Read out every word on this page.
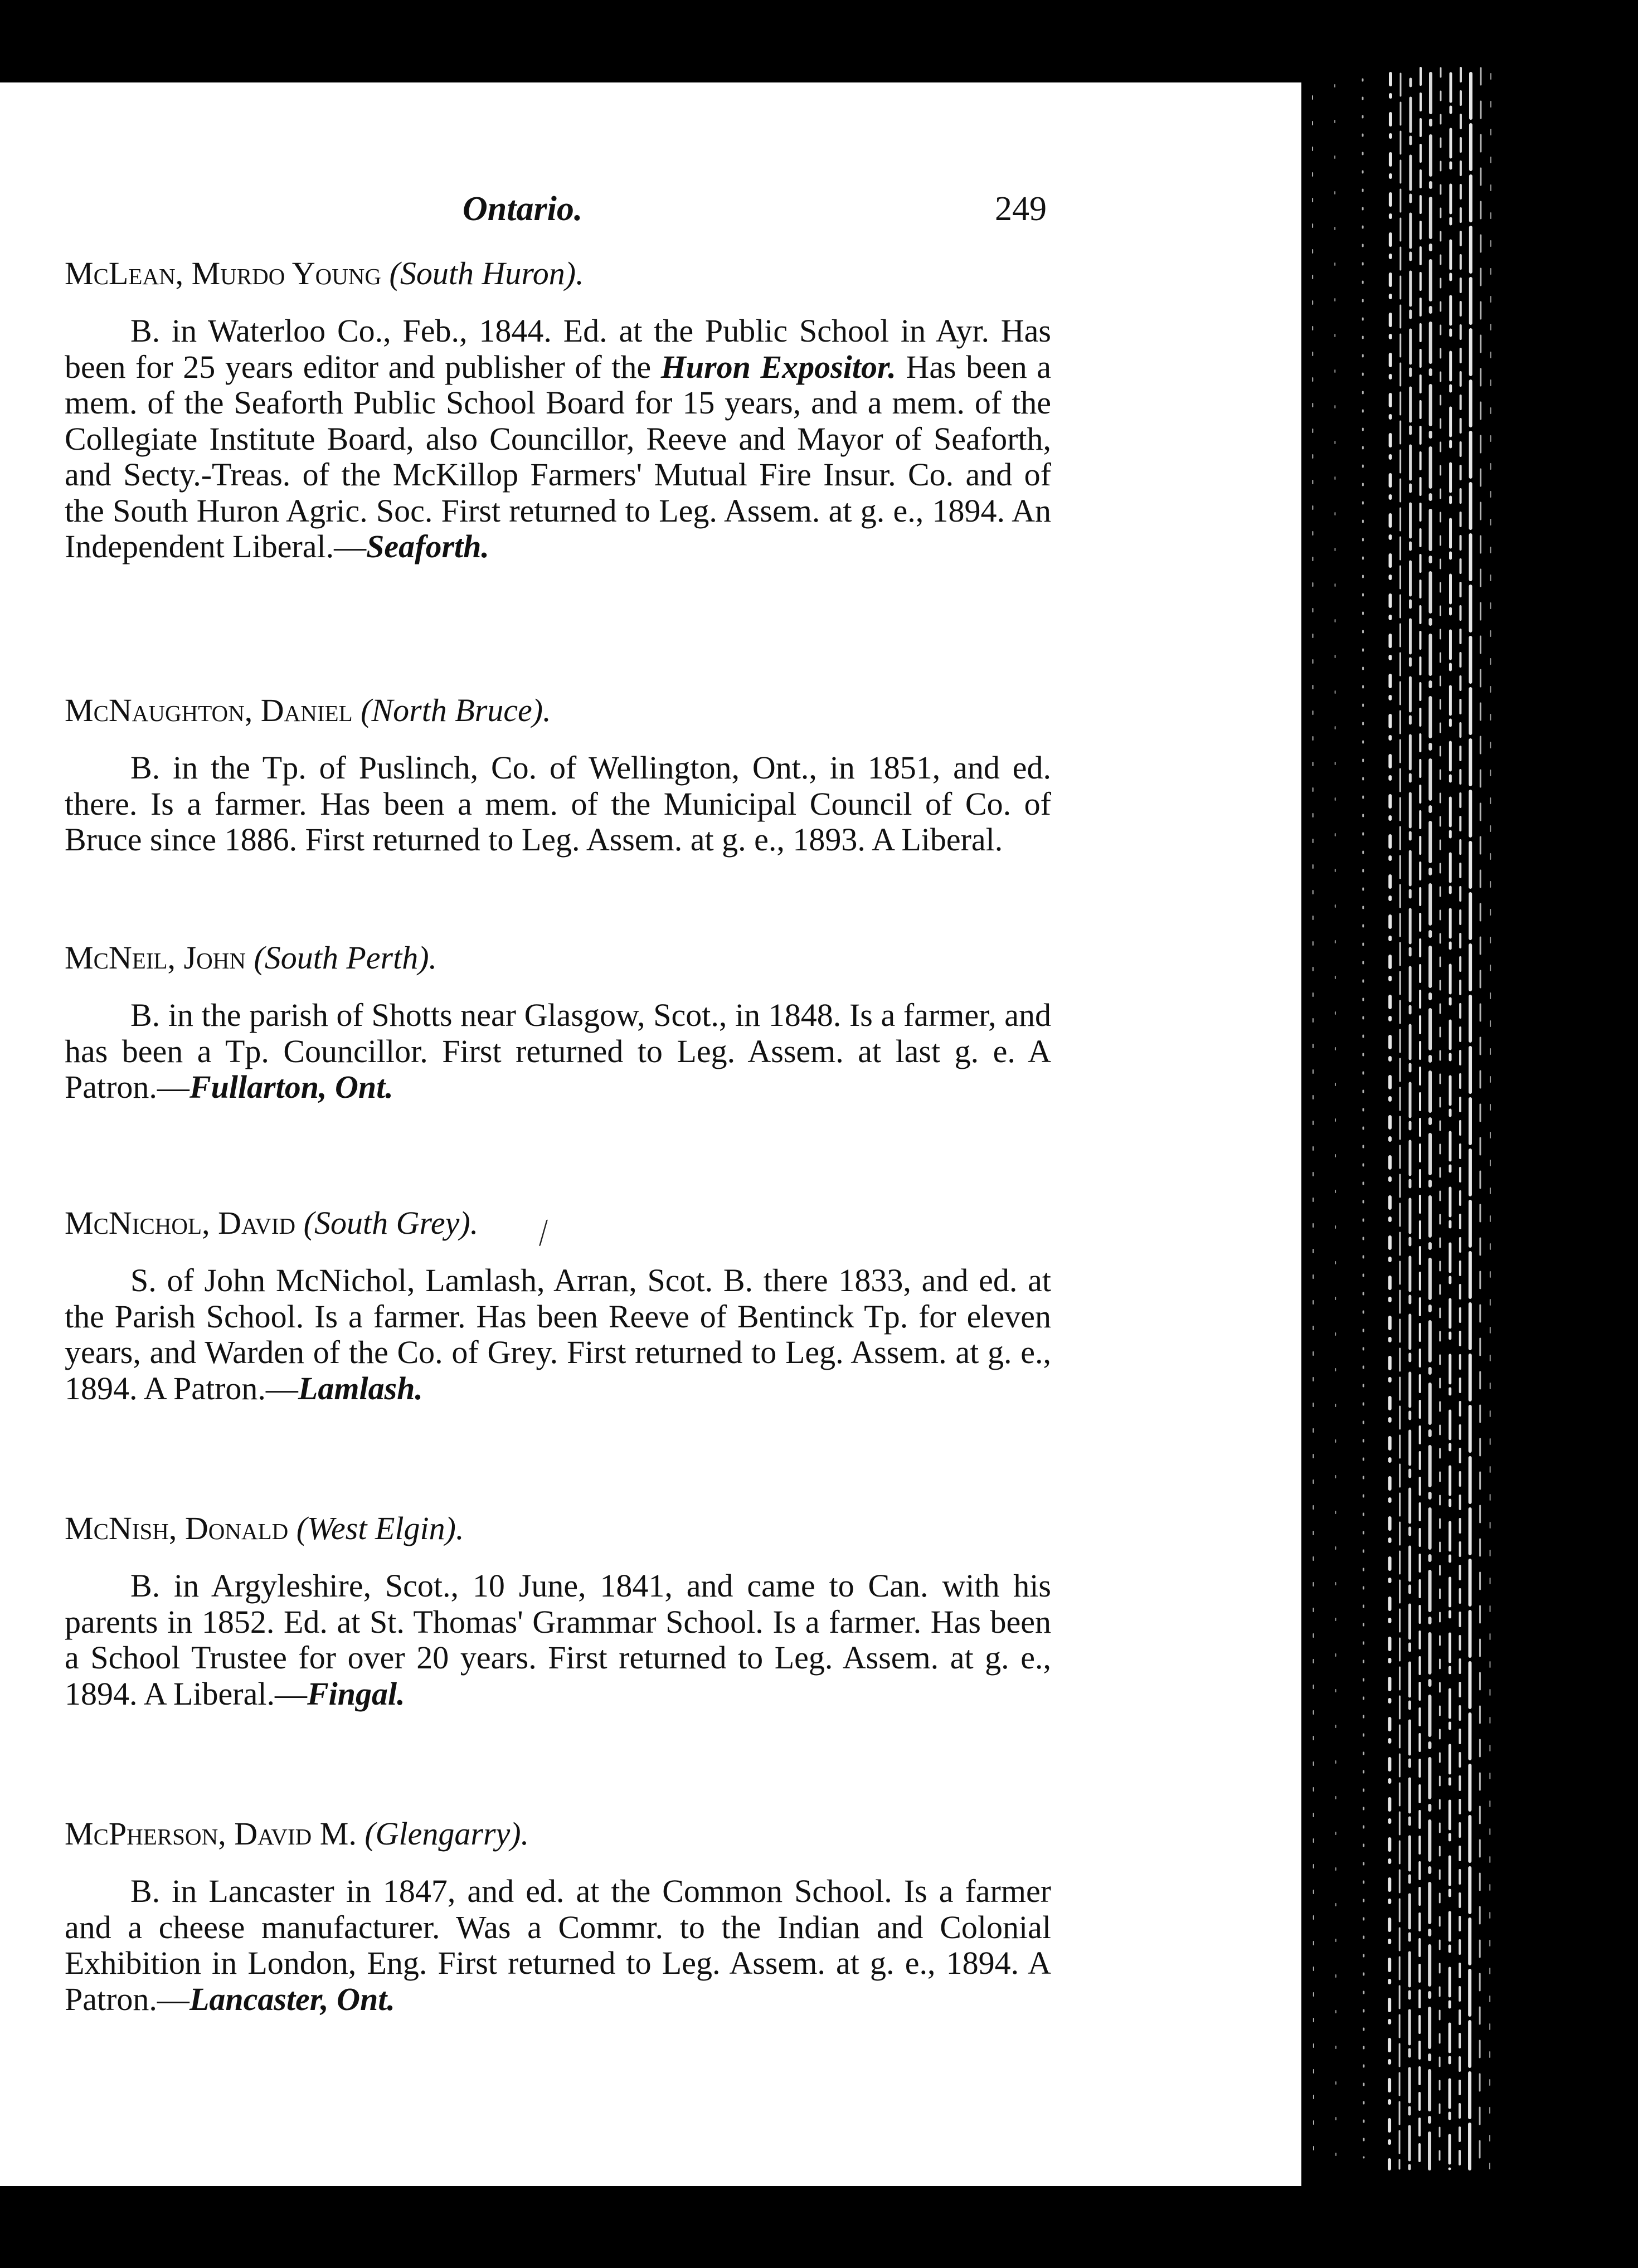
Ontario.	249
McLean, Murdo Young (South Huron).

B. in Waterloo Co., Feb., 1844. Ed. at the Public School in Ayr. Has been for 25 years editor and publisher of the Huron Expositor. Has been a mem. of the Seaforth Public School Board for 15 years, and a mem. of the Collegiate Institute Board, also Councillor, Reeve and Mayor of Seaforth, and Secty.-Treas. of the McKillop Farmers' Mutual Fire Insur. Co. and of the South Huron Agric. Soc. First returned to Leg. Assem. at g. e., 1894. An Independent Liberal.—Seaforth.

McNaughton, Daniel (North Bruce).

B. in the Tp. of Puslinch, Co. of Wellington, Ont., in 1851, and ed. there. Is a farmer. Has been a mem. of the Municipal Council of Co. of Bruce since 1886. First returned to Leg. Assem. at g. e., 1893. A Liberal.

McNeil, John (South Perth).

B. in the parish of Shotts near Glasgow, Scot., in 1848. Is a farmer, and has been a Tp. Councillor. First returned to Leg. Assem. at last g. e. A Patron.—Fullarton, Ont.

McNichol, David (South Grey).

S. of John McNichol, Lamlash, Arran, Scot. B. there 1833, and ed. at the Parish School. Is a farmer. Has been Reeve of Bentinck Tp. for eleven years, and Warden of the Co. of Grey. First returned to Leg. Assem. at g. e., 1894. A Patron.—Lamlash.

McNish, Donald (West Elgin).

B. in Argyleshire, Scot., 10 June, 1841, and came to Can. with his parents in 1852. Ed. at St. Thomas' Grammar School. Is a farmer. Has been a School Trustee for over 20 years. First returned to Leg. Assem. at g. e., 1894. A Liberal.—Fingal.

McPherson, David M. (Glengarry).

B. in Lancaster in 1847, and ed. at the Common School. Is a farmer and a cheese manufacturer. Was a Commr. to the Indian and Colonial Exhibition in London, Eng. First returned to Leg. Assem. at g. e., 1894. A Patron.—Lancaster, Ont.

⁄
